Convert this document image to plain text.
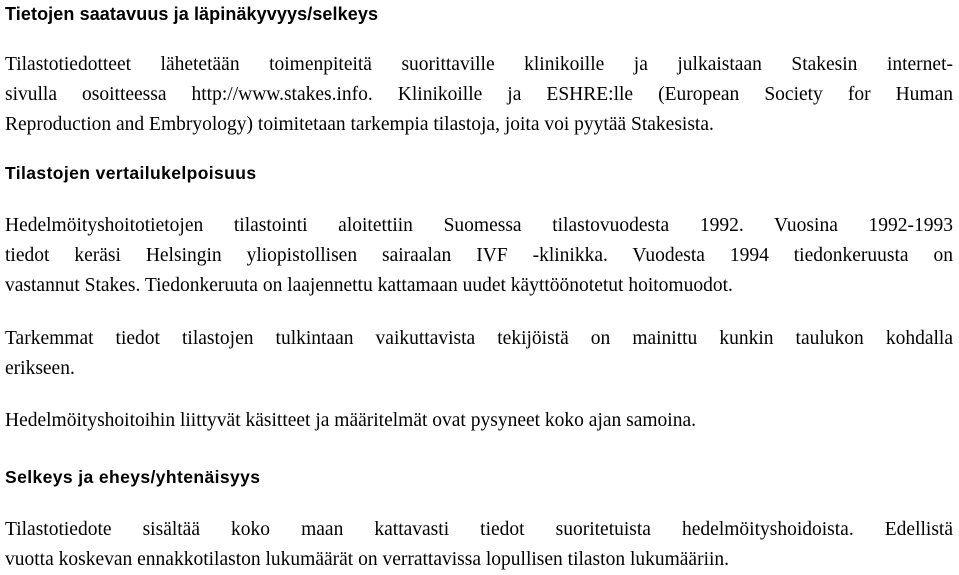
Tietojen saatavuus ja läpinäkyvyys/selkeys

Tilastotiedotteet lähetetään toimenpiteitä suorittaville klinikoille ja julkaistaan Stakesin internet-
sivulla osoitteessa http://www.stakes.info. Klinikoille ja ESHRE:lle (European Society for Human
Reproduction and Embryology) toimitetaan tarkempia tilastoja, joita voi pyytää Stakesista.

Tilastojen vertailukelpoisuus

Hedelmöityshoitotietojen tilastointi aloitettiin Suomessa tilastovuodesta 1992. Vuosina 1992-1993
tiedot keräsi Helsingin yliopistollisen sairaalan IVF -klinikka. Vuodesta 1994 tiedonkeruusta on
vastannut Stakes. Tiedonkeruuta on laajennettu kattamaan uudet käyttöönotetut hoitomuodot.

Tarkemmat tiedot tilastojen tulkintaan vaikuttavista tekijöistä on mainittu kunkin taulukon kohdalla
erikseen.

Hedelmöityshoitoihin liittyvät käsitteet ja määritelmät ovat pysyneet koko ajan samoina.

Selkeys ja eheys/yhtenäisyys

Tilastotiedote sisältää koko maan kattavasti tiedot suoritetuista hedelmöityshoidoista. Edellistä
vuotta koskevan ennakkotilaston lukumäärät on verrattavissa lopullisen tilaston lukumääriin.
